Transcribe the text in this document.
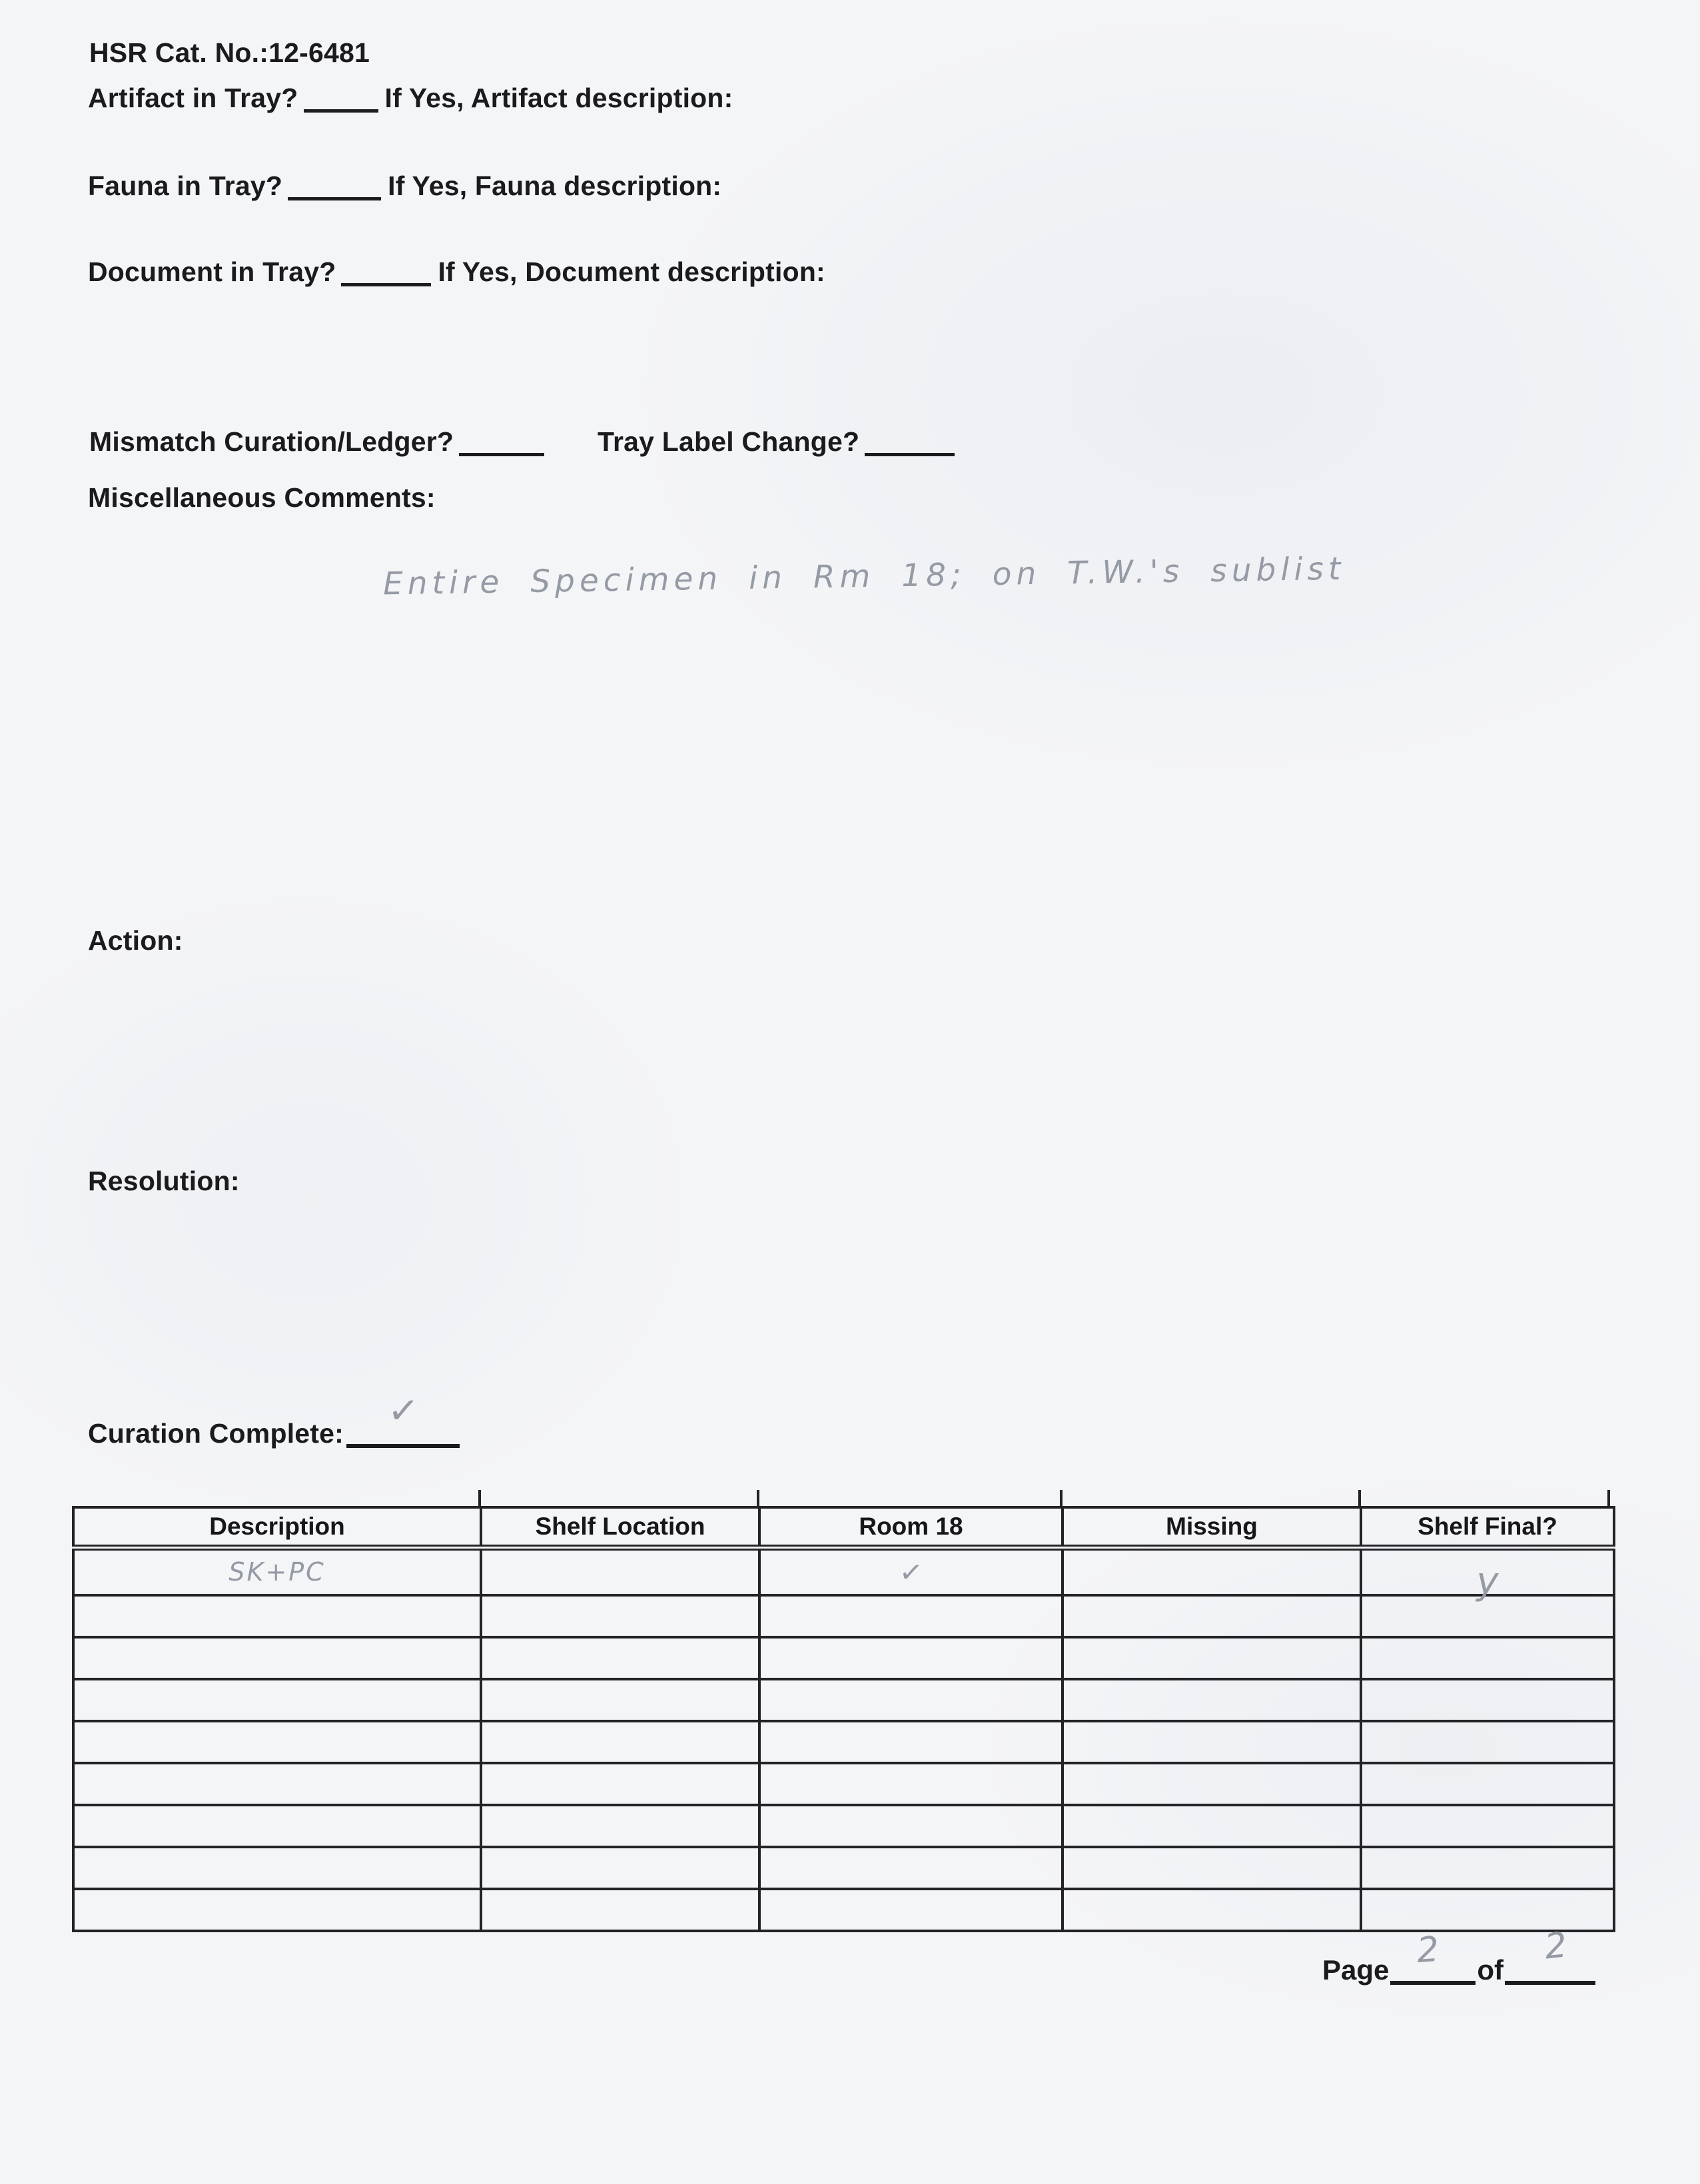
HSR Cat. No.:12-6481
Artifact in Tray?	If Yes, Artifact description:
Fauna in Tray?	If Yes, Fauna description:
Document in Tray?	If Yes, Document description:
Mismatch Curation/Ledger?	Tray Label Change?
Miscellaneous Comments:
Entire Specimen in Rm 18; on T.W.'s sublist
Action:
Resolution:
Curation Complete: ✓
Description	Shelf Location	Room 18	Missing	Shelf Final?
SK+PC		✓		y

Page	of
2	2
